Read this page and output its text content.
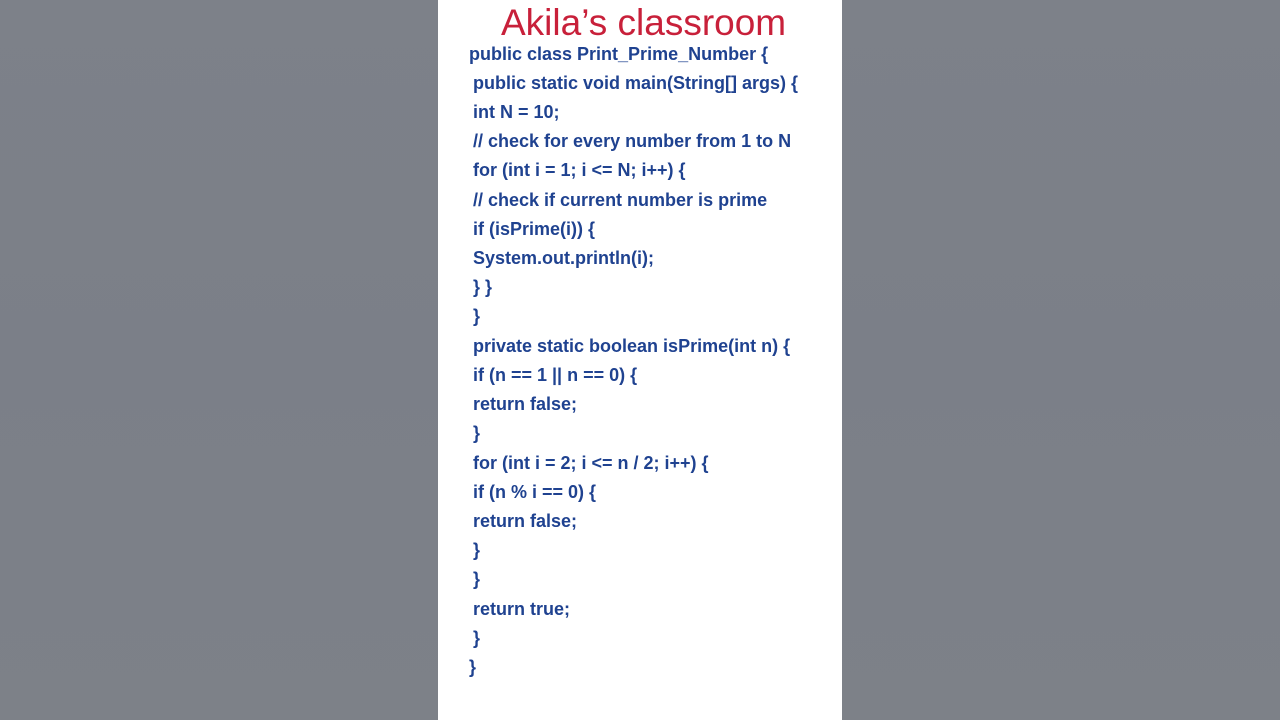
Akila’s classroom
public class Print_Prime_Number {
public static void main(String[] args) {
int N = 10;
// check for every number from 1 to N
for (int i = 1; i <= N; i++) {
// check if current number is prime
if (isPrime(i)) {
System.out.println(i);
} }
}
private static boolean isPrime(int n) {
if (n == 1 || n == 0) {
return false;
}
for (int i = 2; i <= n / 2; i++) {
if (n % i == 0) {
return false;
}
}
return true;
}
}
